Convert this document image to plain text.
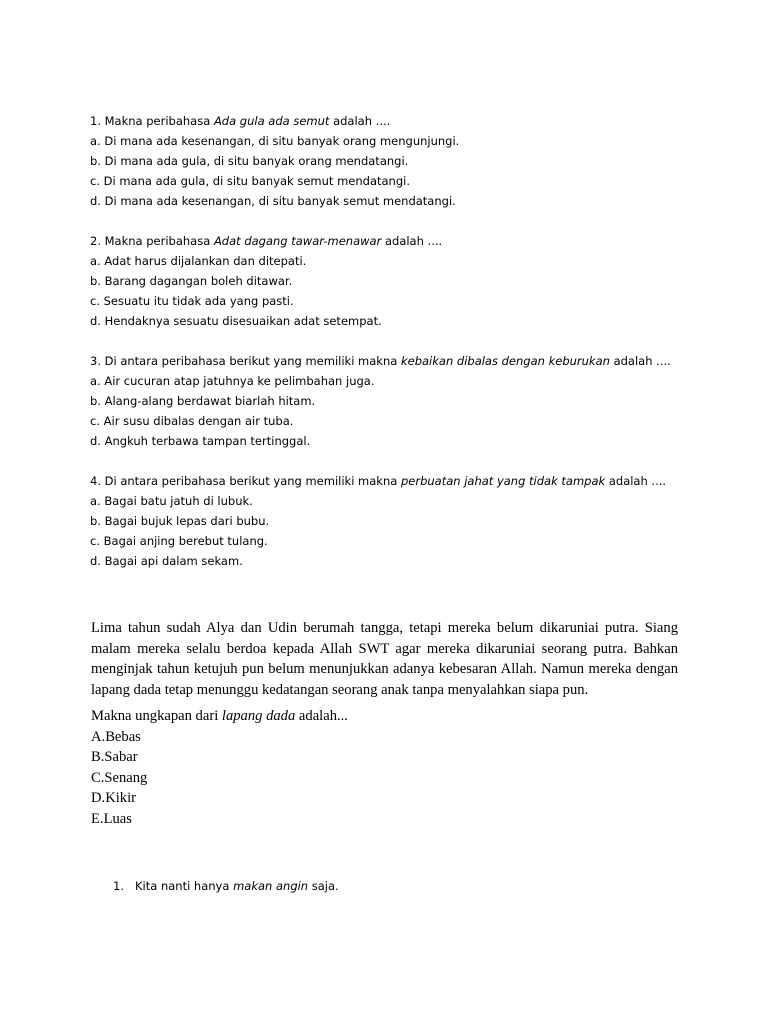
1. Makna peribahasa Ada gula ada semut adalah ....
a. Di mana ada kesenangan, di situ banyak orang mengunjungi.
b. Di mana ada gula, di situ banyak orang mendatangi.
c. Di mana ada gula, di situ banyak semut mendatangi.
d. Di mana ada kesenangan, di situ banyak semut mendatangi.
2. Makna peribahasa Adat dagang tawar-menawar adalah ....
a. Adat harus dijalankan dan ditepati.
b. Barang dagangan boleh ditawar.
c. Sesuatu itu tidak ada yang pasti.
d. Hendaknya sesuatu disesuaikan adat setempat.
3. Di antara peribahasa berikut yang memiliki makna kebaikan dibalas dengan keburukan adalah ....
a. Air cucuran atap jatuhnya ke pelimbahan juga.
b. Alang-alang berdawat biarlah hitam.
c. Air susu dibalas dengan air tuba.
d. Angkuh terbawa tampan tertinggal.
4. Di antara peribahasa berikut yang memiliki makna perbuatan jahat yang tidak tampak adalah ....
a. Bagai batu jatuh di lubuk.
b. Bagai bujuk lepas dari bubu.
c. Bagai anjing berebut tulang.
d. Bagai api dalam sekam.
Lima tahun sudah Alya dan Udin berumah tangga, tetapi mereka belum dikaruniai putra. Siang malam mereka selalu berdoa kepada Allah SWT agar mereka dikaruniai seorang putra. Bahkan menginjak tahun ketujuh pun belum menunjukkan adanya kebesaran Allah. Namun mereka dengan lapang dada tetap menunggu kedatangan seorang anak tanpa menyalahkan siapa pun.
Makna ungkapan dari lapang dada adalah...
A.Bebas
B.Sabar
C.Senang
D.Kikir
E.Luas
1. Kita nanti hanya makan angin saja.
